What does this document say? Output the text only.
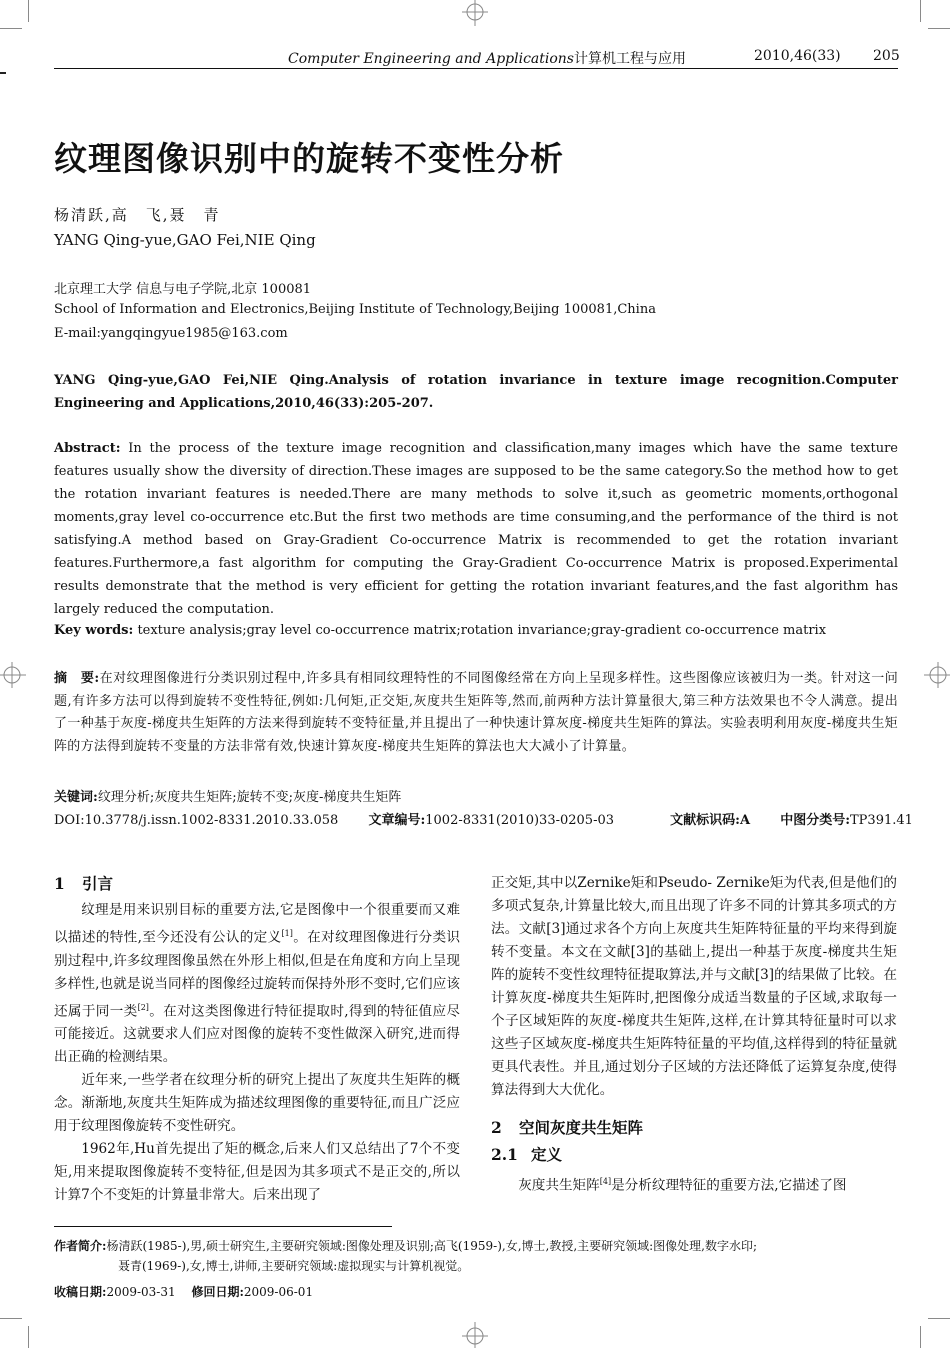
Computer Engineering and Applications计算机工程与应用	2010,46(33) 205
纹理图像识别中的旋转不变性分析
杨清跃,高　飞,聂　青
YANG Qing-yue,GAO Fei,NIE Qing
北京理工大学 信息与电子学院,北京 100081
School of Information and Electronics,Beijing Institute of Technology,Beijing 100081,China
E-mail:yangqingyue1985@163.com
YANG Qing-yue,GAO Fei,NIE Qing.Analysis of rotation invariance in texture image recognition.Computer Engineering and Applications,2010,46(33):205-207.
Abstract: In the process of the texture image recognition and classification,many images which have the same texture features usually show the diversity of direction.These images are supposed to be the same category.So the method how to get the rotation invariant features is needed.There are many methods to solve it,such as geometric moments,orthogonal moments,gray level co-occurrence etc.But the first two methods are time consuming,and the performance of the third is not satisfying.A method based on Gray-Gradient Co-occurrence Matrix is recommended to get the rotation invariant features.Furthermore,a fast algorithm for computing the Gray-Gradient Co-occurrence Matrix is proposed.Experimental results demonstrate that the method is very efficient for getting the rotation invariant features,and the fast algorithm has largely reduced the computation.
Key words: texture analysis;gray level co-occurrence matrix;rotation invariance;gray-gradient co-occurrence matrix
摘　要:在对纹理图像进行分类识别过程中,许多具有相同纹理特性的不同图像经常在方向上呈现多样性。这些图像应该被归为一类。针对这一问题,有许多方法可以得到旋转不变性特征,例如:几何矩,正交矩,灰度共生矩阵等,然而,前两种方法计算量很大,第三种方法效果也不令人满意。提出了一种基于灰度-梯度共生矩阵的方法来得到旋转不变特征量,并且提出了一种快速计算灰度-梯度共生矩阵的算法。实验表明利用灰度-梯度共生矩阵的方法得到旋转不变量的方法非常有效,快速计算灰度-梯度共生矩阵的算法也大大减小了计算量。
关键词:纹理分析;灰度共生矩阵;旋转不变;灰度-梯度共生矩阵
DOI:10.3778/j.issn.1002-8331.2010.33.058 文章编号:1002-8331(2010)33-0205-03	文献标识码:A 中图分类号:TP391.41
1 引言

纹理是用来识别目标的重要方法,它是图像中一个很重要而又难以描述的特性,至今还没有公认的定义[1]。在对纹理图像进行分类识别过程中,许多纹理图像虽然在外形上相似,但是在角度和方向上呈现多样性,也就是说当同样的图像经过旋转而保持外形不变时,它们应该还属于同一类[2]。在对这类图像进行特征提取时,得到的特征值应尽可能接近。这就要求人们应对图像的旋转不变性做深入研究,进而得出正确的检测结果。

近年来,一些学者在纹理分析的研究上提出了灰度共生矩阵的概念。渐渐地,灰度共生矩阵成为描述纹理图像的重要特征,而且广泛应用于纹理图像旋转不变性研究。

1962年,Hu首先提出了矩的概念,后来人们又总结出了7个不变矩,用来提取图像旋转不变特征,但是因为其多项式不是正交的,所以计算7个不变矩的计算量非常大。后来出现了

正交矩,其中以Zernike矩和Pseudo- Zernike矩为代表,但是他们的多项式复杂,计算量比较大,而且出现了许多不同的计算其多项式的方法。文献[3]通过求各个方向上灰度共生矩阵特征量的平均来得到旋转不变量。本文在文献[3]的基础上,提出一种基于灰度-梯度共生矩阵的旋转不变性纹理特征提取算法,并与文献[3]的结果做了比较。在计算灰度-梯度共生矩阵时,把图像分成适当数量的子区域,求取每一个子区域矩阵的灰度-梯度共生矩阵,这样,在计算其特征量时可以求这些子区域灰度-梯度共生矩阵特征量的平均值,这样得到的特征量就更具代表性。并且,通过划分子区域的方法还降低了运算复杂度,使得算法得到大大优化。

2 空间灰度共生矩阵
2.1 定义

灰度共生矩阵[4]是分析纹理特征的重要方法,它描述了图

作者简介:杨清跃(1985-),男,硕士研究生,主要研究领域:图像处理及识别;高飞(1959-),女,博士,教授,主要研究领域:图像处理,数字水印;
聂青(1969-),女,博士,讲师,主要研究领域:虚拟现实与计算机视觉。
收稿日期:2009-03-31   修回日期:2009-06-01
